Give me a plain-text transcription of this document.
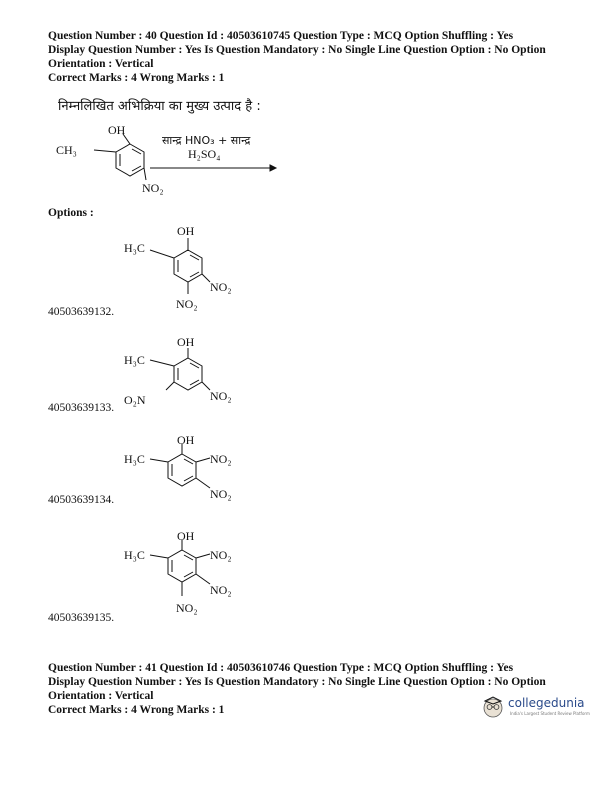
Question Number : 40 Question Id : 40503610745 Question Type : MCQ Option Shuffling : Yes
Display Question Number : Yes Is Question Mandatory : No Single Line Question Option : No Option
Orientation : Vertical
Correct Marks : 4 Wrong Marks : 1
निम्नलिखित अभिक्रिया का मुख्य उत्पाद है :
OH
CH₃
NO₂
सान्द्र HNO₃ + सान्द्र
H₂SO₄
Options :
OH
H₃C
NO₂
NO₂
40503639132.
OH
H₃C
NO₂
O₂N
40503639133.
OH
H₃C	NO₂
NO₂
40503639134.
OH
H₃C	NO₂
NO₂
NO₂
40503639135.
Question Number : 41 Question Id : 40503610746 Question Type : MCQ Option Shuffling : Yes
Display Question Number : Yes Is Question Mandatory : No Single Line Question Option : No Option
Orientation : Vertical
Correct Marks : 4 Wrong Marks : 1	collegedunia
India's Largest Student Review Platform
